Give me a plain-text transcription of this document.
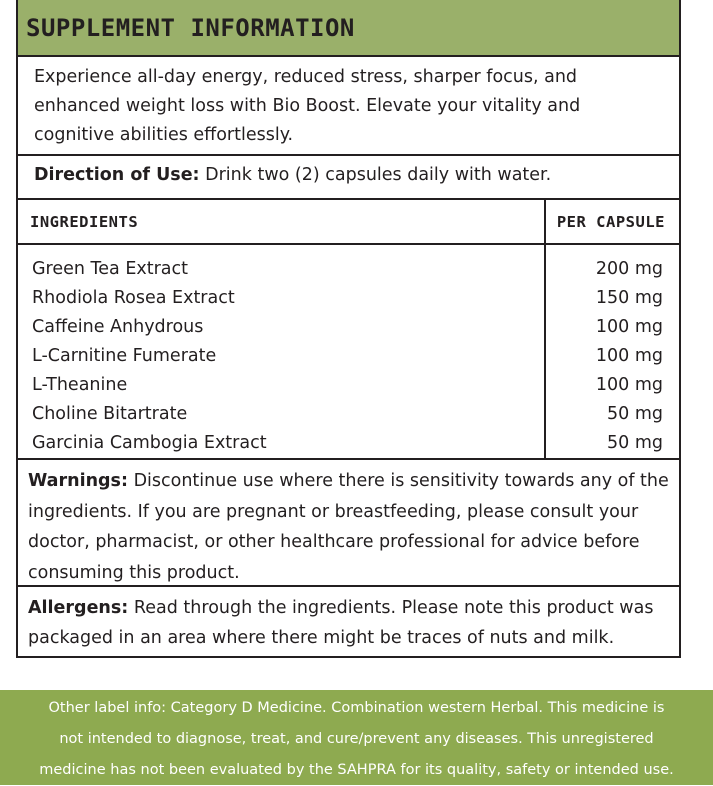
SUPPLEMENT INFORMATION
Experience all-day energy, reduced stress, sharper focus, and enhanced weight loss with Bio Boost. Elevate your vitality and cognitive abilities effortlessly.
Direction of Use: Drink two (2) capsules daily with water.
INGREDIENTS	PER CAPSULE
Green Tea Extract	200 mg
Rhodiola Rosea Extract	150 mg
Caffeine Anhydrous	100 mg
L-Carnitine Fumerate	100 mg
L-Theanine	100 mg
Choline Bitartrate	50 mg
Garcinia Cambogia Extract	50 mg
Warnings: Discontinue use where there is sensitivity towards any of the ingredients. If you are pregnant or breastfeeding, please consult your doctor, pharmacist, or other healthcare professional for advice before consuming this product.
Allergens: Read through the ingredients. Please note this product was packaged in an area where there might be traces of nuts and milk.
Other label info: Category D Medicine. Combination western Herbal. This medicine is
not intended to diagnose, treat, and cure/prevent any diseases. This unregistered
medicine has not been evaluated by the SAHPRA for its quality, safety or intended use.
